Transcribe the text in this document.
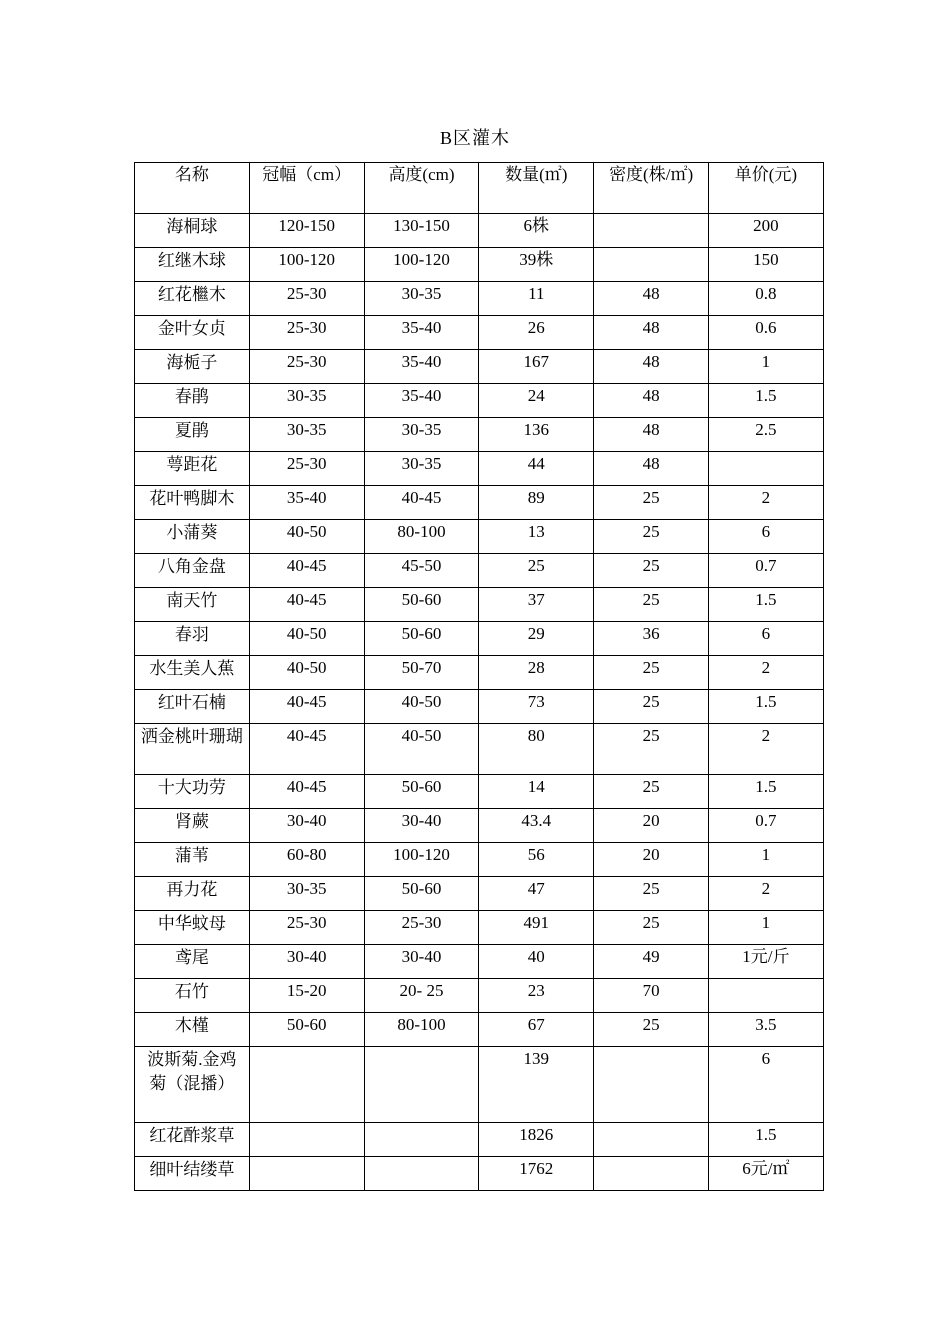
B区灌木
名称	冠幅（cm）	高度(cm)	数量(㎡)	密度(株/㎡)	单价(元)
海桐球	120-150	130-150	6株		200
红继木球	100-120	100-120	39株		150
红花檵木	25-30	30-35	11	48	0.8
金叶女贞	25-30	35-40	26	48	0.6
海栀子	25-30	35-40	167	48	1
春鹃	30-35	35-40	24	48	1.5
夏鹃	30-35	30-35	136	48	2.5
萼距花	25-30	30-35	44	48	
花叶鸭脚木	35-40	40-45	89	25	2
小蒲葵	40-50	80-100	13	25	6
八角金盘	40-45	45-50	25	25	0.7
南天竹	40-45	50-60	37	25	1.5
春羽	40-50	50-60	29	36	6
水生美人蕉	40-50	50-70	28	25	2
红叶石楠	40-45	40-50	73	25	1.5
洒金桃叶珊瑚	40-45	40-50	80	25	2
十大功劳	40-45	50-60	14	25	1.5
肾蕨	30-40	30-40	43.4	20	0.7
蒲苇	60-80	100-120	56	20	1
再力花	30-35	50-60	47	25	2
中华蚊母	25-30	25-30	491	25	1
鸢尾	30-40	30-40	40	49	1元/斤
石竹	15-20	20- 25	23	70	
木槿	50-60	80-100	67	25	3.5
波斯菊.金鸡菊（混播）			139		6
红花酢浆草			1826		1.5
细叶结缕草			1762		6元/㎡
